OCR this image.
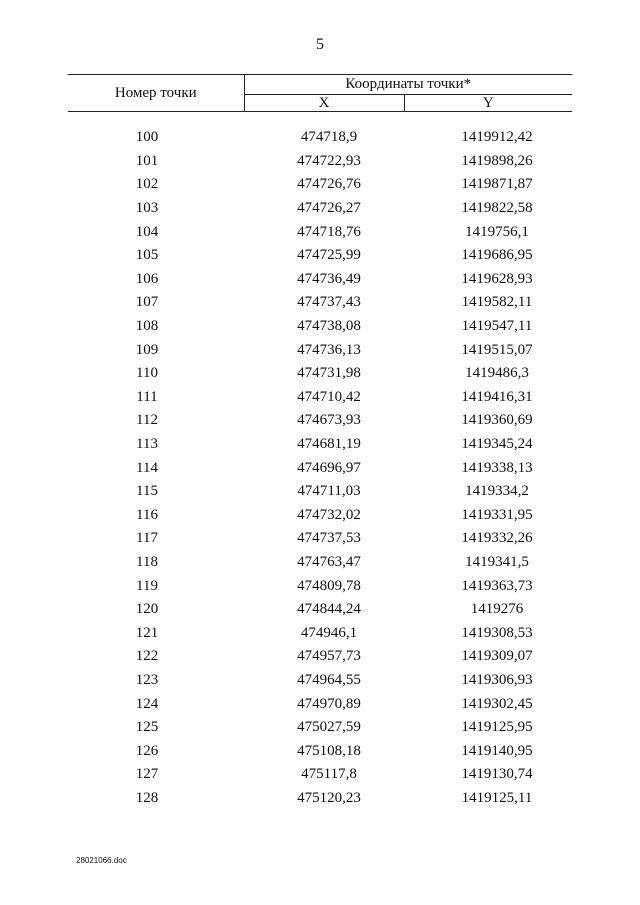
5
Номер точки	Координаты точки*	
	X	Y

100	474718,9	1419912,42
101	474722,93	1419898,26
102	474726,76	1419871,87
103	474726,27	1419822,58
104	474718,76	1419756,1
105	474725,99	1419686,95
106	474736,49	1419628,93
107	474737,43	1419582,11
108	474738,08	1419547,11
109	474736,13	1419515,07
110	474731,98	1419486,3
111	474710,42	1419416,31
112	474673,93	1419360,69
113	474681,19	1419345,24
114	474696,97	1419338,13
115	474711,03	1419334,2
116	474732,02	1419331,95
117	474737,53	1419332,26
118	474763,47	1419341,5
119	474809,78	1419363,73
120	474844,24	1419276
121	474946,1	1419308,53
122	474957,73	1419309,07
123	474964,55	1419306,93
124	474970,89	1419302,45
125	475027,59	1419125,95
126	475108,18	1419140,95
127	475117,8	1419130,74
128	475120,23	1419125,11
28021066.doc
